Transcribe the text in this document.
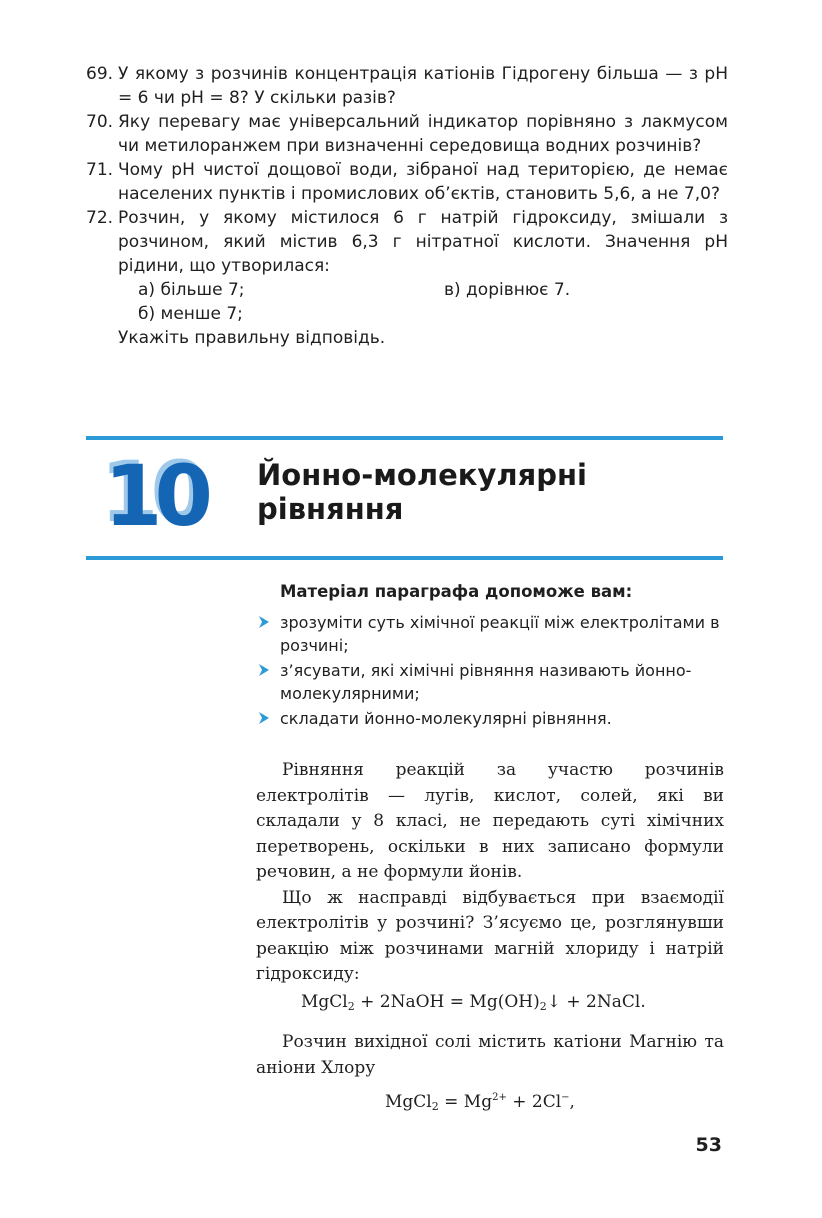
69. У якому з розчинів концентрація катіонів Гідрогену більша — з pH = 6 чи pH = 8? У скільки разів?
70. Яку перевагу має універсальний індикатор порівняно з лакмусом чи метилоранжем при визначенні середовища водних розчинів?
71. Чому pH чистої дощової води, зібраної над територією, де немає населених пунктів і промислових об’єктів, становить 5,6, а не 7,0?
72. Розчин, у якому містилося 6 г натрій гідроксиду, змішали з розчином, який містив 6,3 г нітратної кислоти. Значення pH рідини, що утворилася:
а) більше 7;
б) менше 7;
в) дорівнює 7.
Укажіть правильну відповідь.
10	Йонно-молекулярні рівняння
Матеріал параграфа допоможе вам:
зрозуміти суть хімічної реакції між електролітами в розчині;
з’ясувати, які хімічні рівняння називають йонно-молекулярними;
складати йонно-молекулярні рівняння.

Рівняння реакцій за участю розчинів електролітів — лугів, кислот, солей, які ви складали у 8 класі, не передають суті хімічних перетворень, оскільки в них записано формули речовин, а не формули йонів.

Що ж насправді відбувається при взаємодії електролітів у розчині? З’ясуємо це, розглянувши реакцію між розчинами магній хлориду і натрій гідроксиду:

MgCl$_2$ + 2NaOH = $Mg(OH)_2↓$ + 2NaCl.

Розчин вихідної солі містить катіони Магнію та аніони Хлору

MgCl$_2$ = $Mg^{2+} + 2Cl^-$,
53
